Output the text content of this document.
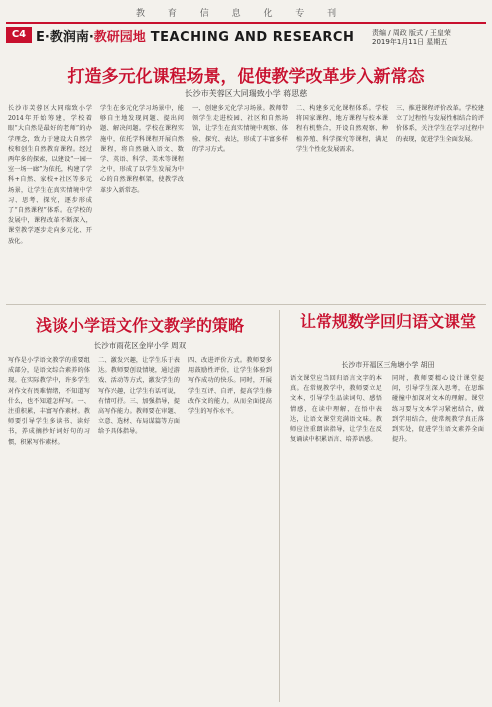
教 育 信 息 化 专 刊
C4 E·教润南·教研园地 TEACHING AND RESEARCH	责编 / 周政 版式 / 王皇荣
2019年1月11日 星期五
打造多元化课程场景，促使教学改革步入新常态
长沙市芙蓉区大同瑞致小学 蒋思慈
长沙市芙蓉区大同瑞致小学2014年开始筹建，学校着眼“大自然是最好的老师”的办学理念，致力于建设大自然学校和创生自然教育课程。经过两年多的探索，以建设“一园一室一场一廊”为依托，构建了学科+自然、家校+社区等多元场景，让学生在真实情境中学习、思考、探究，逐步形成了“自然课程”体系。在学校的发展中，课程改革不断深入，课堂教学逐步走向多元化、开放化。
学生在多元化学习场景中，能够自主地发现问题、提出问题、解决问题。学校在课程实施中，依托学科课程开展自然课程，将自然融入语文、数学、英语、科学、美术等课程之中，形成了以学生发展为中心的自然课程框架，使教学改革步入新常态。
一、创建多元化学习场景。教师带领学生走进校园、社区和自然场馆，让学生在真实情境中观察、体验、探究、表达，形成了丰富多样的学习方式。
二、构建多元化课程体系。学校将国家课程、地方课程与校本课程有机整合，开设自然观察、种植养殖、科学探究等课程，满足学生个性化发展需求。
三、推进课程评价改革。学校建立了过程性与发展性相结合的评价体系，关注学生在学习过程中的表现，促进学生全面发展。
浅谈小学语文作文教学的策略
长沙市雨花区金岸小学 周双
写作是小学语文教学的重要组成部分，是语文综合素养的体现。在实际教学中，许多学生对作文有畏难情绪，不知道写什么，也不知道怎样写。一、注重积累，丰富写作素材。教师要引导学生多读书、读好书，养成摘抄好词好句的习惯，积累写作素材。
二、激发兴趣，让学生乐于表达。教师要创设情境，通过游戏、活动等方式，激发学生的写作兴趣，让学生有话可说，有情可抒。三、加强指导，提高写作能力。教师要在审题、立意、选材、布局谋篇等方面给予具体指导。
四、改进评价方式。教师要多用鼓励性评价，让学生体验到写作成功的快乐。同时，开展学生互评、自评，提高学生修改作文的能力，从而全面提高学生的写作水平。
让常规数学回归语文课堂
长沙市开福区三角塘小学 胡田
语文课堂应当回归语言文字的本真。在常规教学中，教师要立足文本，引导学生品读词句、感悟情感，在读中理解，在悟中表达，让语文课堂充满语文味。教师应注重朗读指导，让学生在反复诵读中积累语言、培养语感。
同时，教师要精心设计课堂提问，引导学生深入思考，在思维碰撞中加深对文本的理解。课堂练习要与文本学习紧密结合，做到学用结合，使常规教学真正落到实处，促进学生语文素养全面提升。
